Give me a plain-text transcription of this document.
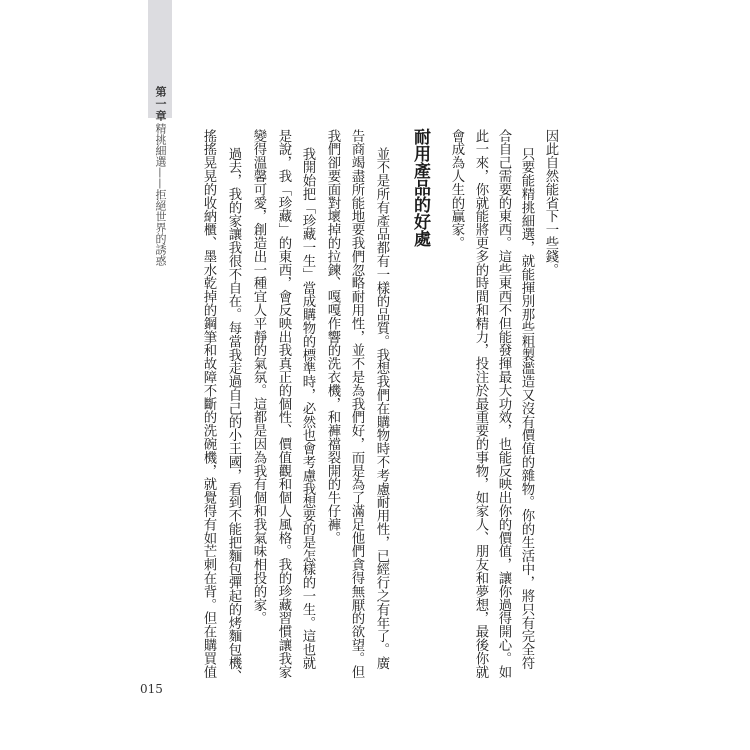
第一章
精挑細選——拒絕世界的誘惑
015
因此自然能省下一些錢。
只要能精挑細選，就能揮別那些粗製濫造又沒有價值的雜物。你的生活中，將只有完全符
合自己需要的東西。這些東西不但能發揮最大功效，也能反映出你的價值，讓你過得開心。如
此一來，你就能將更多的時間和精力，投注於最重要的事物，如家人、朋友和夢想，最後你就
會成為人生的贏家。
耐用產品的好處
並不是所有產品都有一樣的品質。我想我們在購物時不考慮耐用性，已經行之有年了。廣
告商竭盡所能地要我們忽略耐用性，並不是為我們好，而是為了滿足他們貪得無厭的欲望。但
我們卻要面對壞掉的拉鍊、嘎嘎作響的洗衣機，和褲襠裂開的牛仔褲。
我開始把「珍藏一生」當成購物的標準時，必然也會考慮我想要的是怎樣的一生。這也就
是說，我「珍藏」的東西，會反映出我真正的個性、價值觀和個人風格。我的珍藏習慣讓我家
變得溫馨可愛，創造出一種宜人平靜的氣氛。這都是因為我有個和我氣味相投的家。
過去，我的家讓我很不自在。每當我走過自己的小王國，看到不能把麵包彈起的烤麵包機、
搖搖晃晃的收納櫃、墨水乾掉的鋼筆和故障不斷的洗碗機，就覺得有如芒刺在背。但在購買值
